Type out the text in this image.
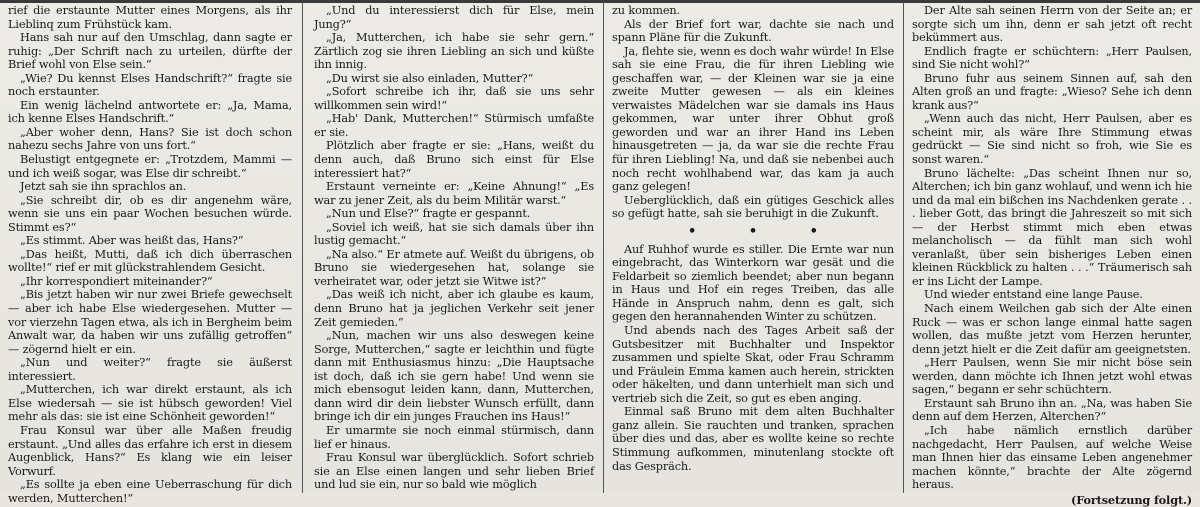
rief die erstaunte Mutter eines Morgens, als ihr Lieblinq zum Frühstück kam.

Hans sah nur auf den Umschlag, dann sagte er ruhig: „Der Schrift nach zu urteilen, dürfte der Brief wohl von Else sein.“

„Wie? Du kennst Elses Handschrift?“ fragte sie noch erstaunter.

Ein wenig lächelnd antwortete er: „Ja, Mama, ich kenne Elses Handschrift.“

„Aber woher denn, Hans? Sie ist doch schon nahezu sechs Jahre von uns fort.“

Belustigt entgegnete er: „Trotzdem, Mammi — und ich weiß sogar, was Else dir schreibt.“

Jetzt sah sie ihn sprachlos an.

„Sie schreibt dir, ob es dir angenehm wäre, wenn sie uns ein paar Wochen besuchen würde. Stimmt es?“

„Es stimmt. Aber was heißt das, Hans?“

„Das heißt, Mutti, daß ich dich überraschen wollte!“ rief er mit glückstrahlendem Gesicht.

„Ihr korrespondiert miteinander?“

„Bis jetzt haben wir nur zwei Briefe gewechselt — aber ich habe Else wiedergesehen. Mutter — vor vierzehn Tagen etwa, als ich in Bergheim beim Anwalt war, da haben wir uns zufällig getroffen“ — zögernd hielt er ein.

„Nun und weiter?“ fragte sie äußerst interessiert.

„Mutterchen, ich war direkt erstaunt, als ich Else wiedersah — sie ist hübsch geworden! Viel mehr als das: sie ist eine Schönheit geworden!“

Frau Konsul war über alle Maßen freudig erstaunt. „Und alles das erfahre ich erst in diesem Augenblick, Hans?“ Es klang wie ein leiser Vorwurf.

„Es sollte ja eben eine Ueberraschung für dich werden, Mutterchen!“

„Und du interessierst dich für Else, mein Jung?“

„Ja, Mutterchen, ich habe sie sehr gern.“ Zärtlich zog sie ihren Liebling an sich und küßte ihn innig.

„Du wirst sie also einladen, Mutter?“

„Sofort schreibe ich ihr, daß sie uns sehr willkommen sein wird!“

„Hab' Dank, Mutterchen!“ Stürmisch umfaßte er sie.

Plötzlich aber fragte er sie: „Hans, weißt du denn auch, daß Bruno sich einst für Else interessiert hat?“

Erstaunt verneinte er: „Keine Ahnung!“ „Es war zu jener Zeit, als du beim Militär warst.“

„Nun und Else?“ fragte er gespannt.

„Soviel ich weiß, hat sie sich damals über ihn lustig gemacht.“

„Na also.“ Er atmete auf. Weißt du übrigens, ob Bruno sie wiedergesehen hat, solange sie verheiratet war, oder jetzt sie Witwe ist?“

„Das weiß ich nicht, aber ich glaube es kaum, denn Bruno hat ja jeglichen Verkehr seit jener Zeit gemieden.“

„Nun, machen wir uns also deswegen keine Sorge, Mutterchen,“ sagte er leichthin und fügte dann mit Enthusiasmus hinzu: „Die Hauptsache ist doch, daß ich sie gern habe! Und wenn sie mich ebensogut leiden kann, dann, Mutterchen, dann wird dir dein liebster Wunsch erfüllt, dann bringe ich dir ein junges Frauchen ins Haus!“

Er umarmte sie noch einmal stürmisch, dann lief er hinaus.

Frau Konsul war überglücklich. Sofort schrieb sie an Else einen langen und sehr lieben Brief und lud sie ein, nur so bald wie möglich

zu kommen.

Als der Brief fort war, dachte sie nach und spann Pläne für die Zukunft.

Ja, flehte sie, wenn es doch wahr würde! In Else sah sie eine Frau, die für ihren Liebling wie geschaffen war, — der Kleinen war sie ja eine zweite Mutter gewesen — als ein kleines verwaistes Mädelchen war sie damals ins Haus gekommen, war unter ihrer Obhut groß geworden und war an ihrer Hand ins Leben hinausgetreten — ja, da war sie die rechte Frau für ihren Liebling! Na, und daß sie nebenbei auch noch recht wohlhabend war, das kam ja auch ganz gelegen!

Ueberglücklich, daß ein gütiges Geschick alles so gefügt hatte, sah sie beruhigt in die Zukunft.

• • •

Auf Ruhhof wurde es stiller. Die Ernte war nun eingebracht, das Winterkorn war gesät und die Feldarbeit so ziemlich beendet; aber nun begann in Haus und Hof ein reges Treiben, das alle Hände in Anspruch nahm, denn es galt, sich gegen den herannahenden Winter zu schützen.

Und abends nach des Tages Arbeit saß der Gutsbesitzer mit Buchhalter und Inspektor zusammen und spielte Skat, oder Frau Schramm und Fräulein Emma kamen auch herein, strickten oder häkelten, und dann unterhielt man sich und vertrieb sich die Zeit, so gut es eben anging.

Einmal saß Bruno mit dem alten Buchhalter ganz allein. Sie rauchten und tranken, sprachen über dies und das, aber es wollte keine so rechte Stimmung aufkommen, minutenlang stockte oft das Gespräch.

Der Alte sah seinen Herrn von der Seite an; er sorgte sich um ihn, denn er sah jetzt oft recht bekümmert aus.

Endlich fragte er schüchtern: „Herr Paulsen, sind Sie nicht wohl?“

Bruno fuhr aus seinem Sinnen auf, sah den Alten groß an und fragte: „Wieso? Sehe ich denn krank aus?“

„Wenn auch das nicht, Herr Paulsen, aber es scheint mir, als wäre Ihre Stimmung etwas gedrückt — Sie sind nicht so froh, wie Sie es sonst waren.“

Bruno lächelte: „Das scheint Ihnen nur so, Alterchen; ich bin ganz wohlauf, und wenn ich hie und da mal ein bißchen ins Nachdenken gerate . . . lieber Gott, das bringt die Jahreszeit so mit sich — der Herbst stimmt mich eben etwas melancholisch — da fühlt man sich wohl veranlaßt, über sein bisheriges Leben einen kleinen Rückblick zu halten . . .“ Träumerisch sah er ins Licht der Lampe.

Und wieder entstand eine lange Pause.

Nach einem Weilchen gab sich der Alte einen Ruck — was er schon lange einmal hatte sagen wollen, das mußte jetzt vom Herzen herunter, denn jetzt hielt er die Zeit dafür am geeignetsten.

„Herr Paulsen, wenn Sie mir nicht böse sein werden, dann möchte ich Ihnen jetzt wohl etwas sagen,“ begann er sehr schüchtern.

Erstaunt sah Bruno ihn an. „Na, was haben Sie denn auf dem Herzen, Alterchen?“

„Ich habe nämlich ernstlich darüber nachgedacht, Herr Paulsen, auf welche Weise man Ihnen hier das einsame Leben angenehmer machen könnte,“ brachte der Alte zögernd heraus.

(Fortsetzung folgt.)
